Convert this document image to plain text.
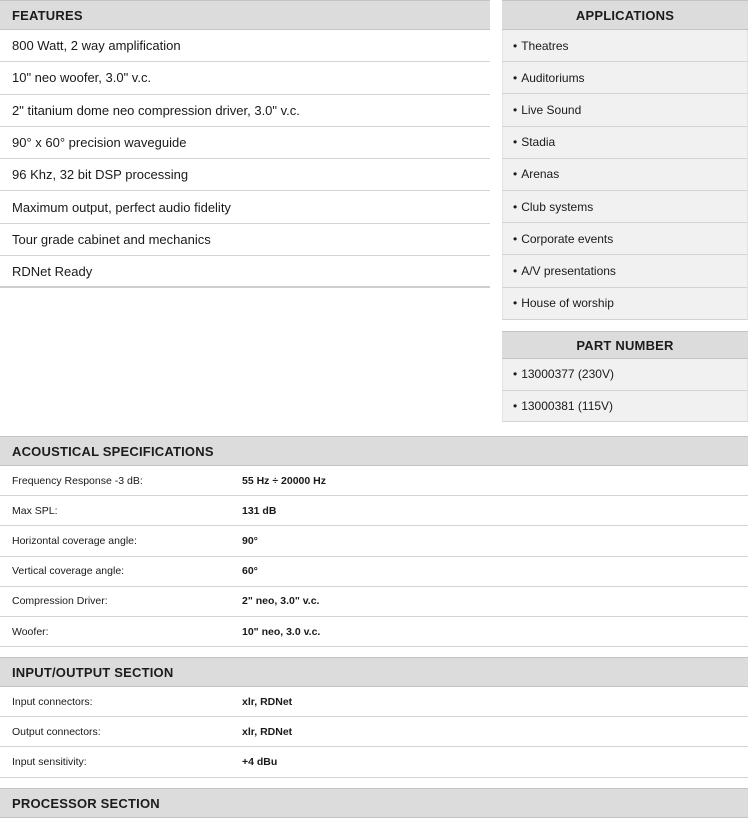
FEATURES
800 Watt, 2 way amplification
10" neo woofer, 3.0" v.c.
2" titanium dome neo compression driver, 3.0" v.c.
90° x 60° precision waveguide
96 Khz, 32 bit DSP processing
Maximum output, perfect audio fidelity
Tour grade cabinet and mechanics
RDNet Ready
APPLICATIONS
• Theatres
• Auditoriums
• Live Sound
• Stadia
• Arenas
• Club systems
• Corporate events
• A/V presentations
• House of worship
PART NUMBER
• 13000377 (230V)
• 13000381 (115V)
ACOUSTICAL SPECIFICATIONS
Frequency Response -3 dB:	55 Hz ÷ 20000 Hz
Max SPL:	131 dB
Horizontal coverage angle:	90°
Vertical coverage angle:	60°
Compression Driver:	2" neo, 3.0" v.c.
Woofer:	10" neo, 3.0 v.c.
INPUT/OUTPUT SECTION
Input connectors:	xlr, RDNet
Output connectors:	xlr, RDNet
Input sensitivity:	+4 dBu
PROCESSOR SECTION
